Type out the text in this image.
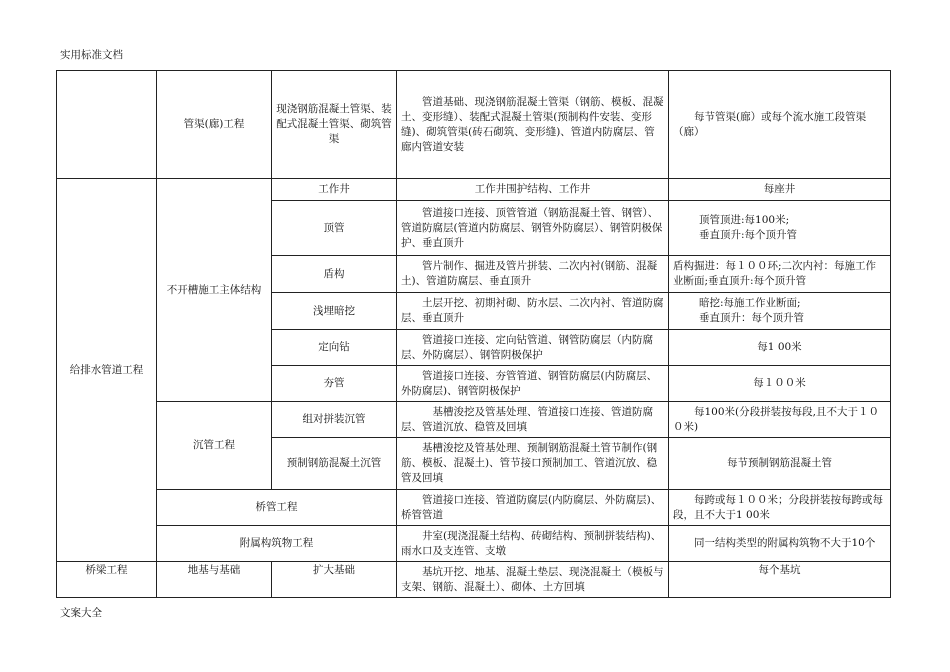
实用标准文档
	管渠(廊)工程	现浇钢筋混凝土管渠、装配式混凝土管渠、砌筑管渠	管道基础、现浇钢筋混凝土管渠（钢筋、模板、混凝土、变形缝）、装配式混凝土管渠(预制构件安装、变形缝)、砌筑管渠(砖石砌筑、变形缝)、管道内防腐层、管廊内管道安装	每节管渠(廊）或每个流水施工段管渠（廊）
给排水管道工程	不开槽施工主体结构	工作井	工作井围护结构、工作井	每座井
		顶管	管道接口连接、顶管管道（钢筋混凝土管、钢管）、管道防腐层(管道内防腐层、钢管外防腐层）、钢管阴极保护、垂直顶升	顶管顶进:每100米;
垂直顶升:每个顶升管
		盾构	管片制作、掘进及管片拼装、二次内衬(钢筋、混凝土)、管道防腐层、垂直顶升	盾构掘进：每１００环;二次内衬：每施工作业断面;垂直顶升:每个顶升管
		浅埋暗挖	土层开挖、初期衬砌、防水层、二次内衬、管道防腐层、垂直顶升	暗挖:每施工作业断面;
垂直顶升：每个顶升管
		定向钻	管道接口连接、定向钻管道、钢管防腐层（内防腐层、外防腐层）、钢管阴极保护	每1 00米
		夯管	管道接口连接、夯管管道、钢管防腐层(内防腐层、外防腐层)、钢管阴极保护	每１００米
	沉管工程	组对拼装沉管	基槽浚挖及管基处理、管道接口连接、管道防腐层、管道沉放、稳管及回填	每100米(分段拼装按每段,且不大于１００米)
		预制钢筋混凝土沉管	基槽浚挖及管基处理、预制钢筋混凝土管节制作(钢筋、模板、混凝土)、管节接口预制加工、管道沉放、稳管及回填	每节预制钢筋混凝土管
	桥管工程		管道接口连接、管道防腐层(内防腐层、外防腐层)、桥管管道	每跨或每１００米；分段拼装按每跨或每段，且不大于1 00米
	附属构筑物工程		井室(现浇混凝土结构、砖砌结构、预制拼装结构)、雨水口及支连管、支墩	同一结构类型的附属构筑物不大于10个
桥梁工程	地基与基础	扩大基础	基坑开挖、地基、混凝土垫层、现浇混凝土（模板与支架、钢筋、混凝土）、砌体、土方回填	每个基坑
文案大全
